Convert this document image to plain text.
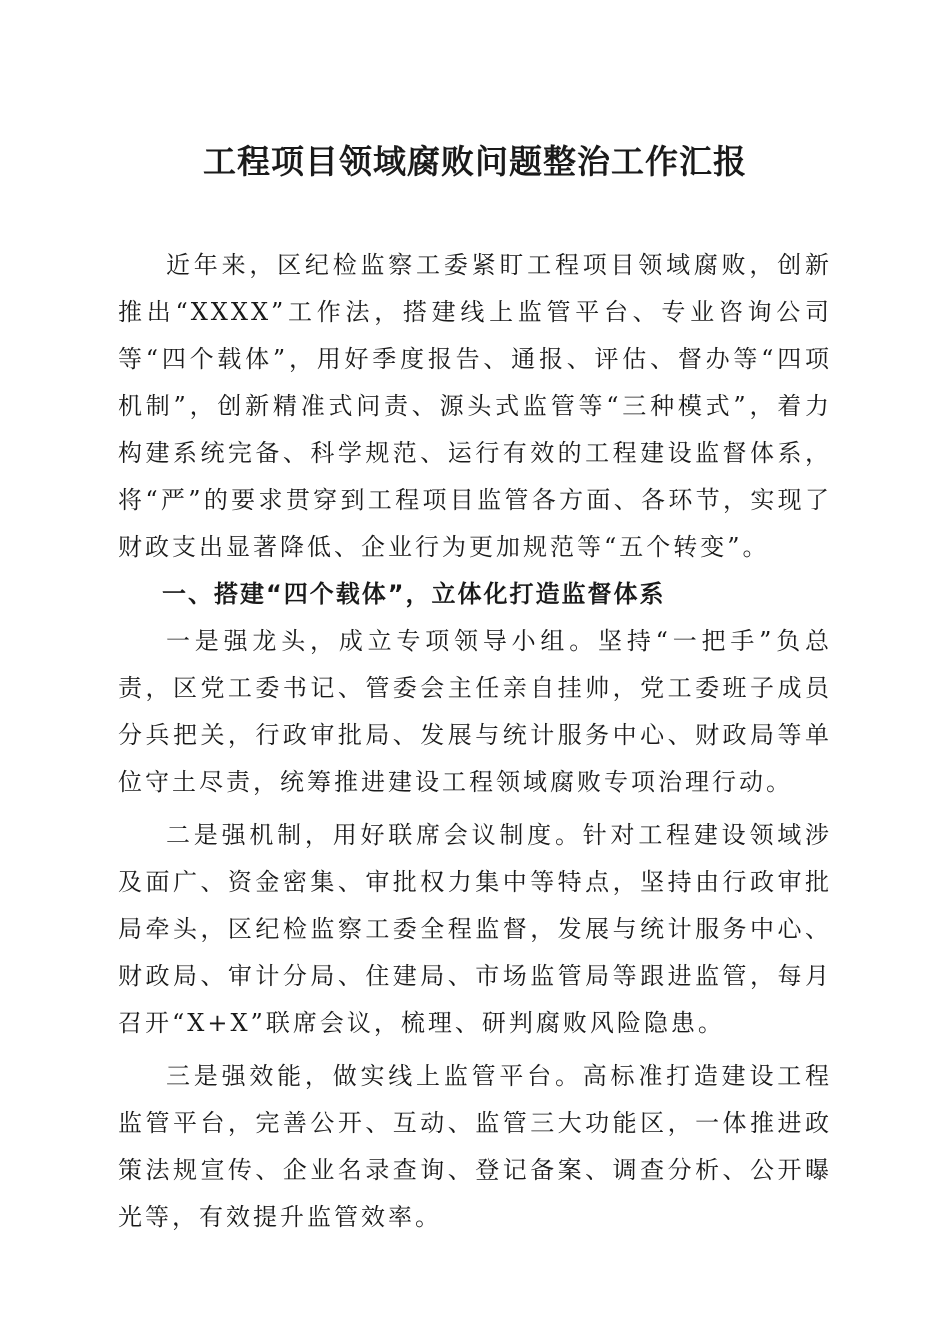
工程项目领域腐败问题整治工作汇报

近年来，区纪检监察工委紧盯工程项目领域腐败，创新推出“XXXX”工作法，搭建线上监管平台、专业咨询公司等“四个载体”，用好季度报告、通报、评估、督办等“四项机制”，创新精准式问责、源头式监管等“三种模式”，着力构建系统完备、科学规范、运行有效的工程建设监督体系，将“严”的要求贯穿到工程项目监管各方面、各环节，实现了财政支出显著降低、企业行为更加规范等“五个转变”。

一、搭建“四个载体”，立体化打造监督体系

一是强龙头，成立专项领导小组。坚持“一把手”负总责，区党工委书记、管委会主任亲自挂帅，党工委班子成员分兵把关，行政审批局、发展与统计服务中心、财政局等单位守土尽责，统筹推进建设工程领域腐败专项治理行动。

二是强机制，用好联席会议制度。针对工程建设领域涉及面广、资金密集、审批权力集中等特点，坚持由行政审批局牵头，区纪检监察工委全程监督，发展与统计服务中心、财政局、审计分局、住建局、市场监管局等跟进监管，每月召开“X+X”联席会议，梳理、研判腐败风险隐患。

三是强效能，做实线上监管平台。高标准打造建设工程监管平台，完善公开、互动、监管三大功能区，一体推进政策法规宣传、企业名录查询、登记备案、调查分析、公开曝光等，有效提升监管效率。
